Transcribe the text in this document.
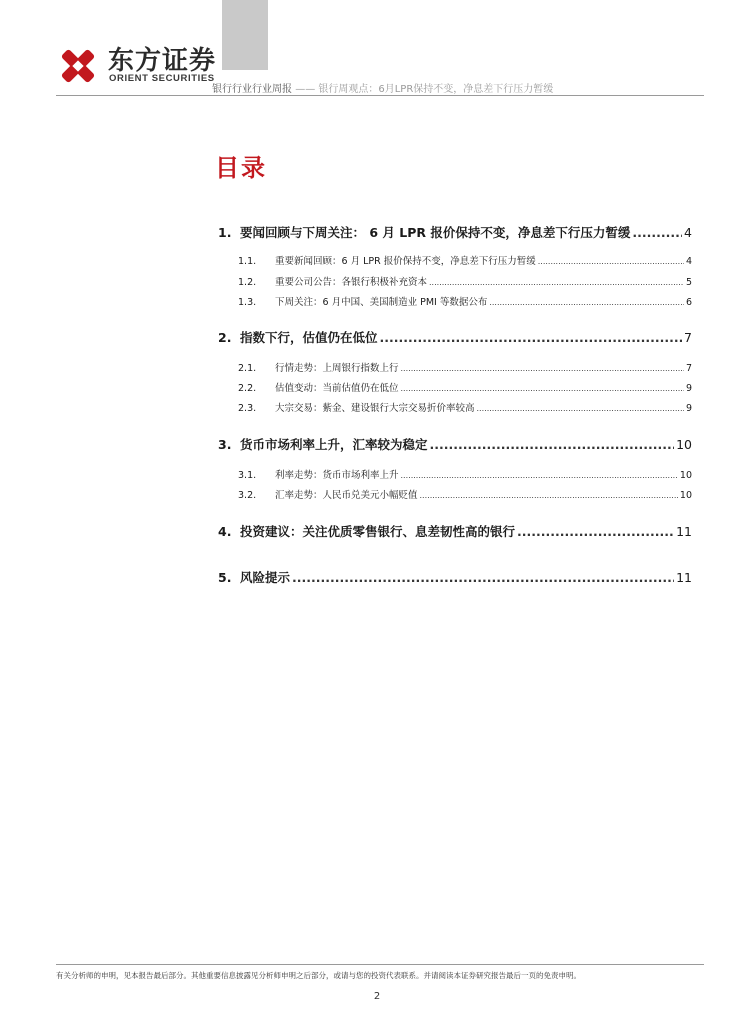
东方证券
ORIENT SECURITIES
银行行业行业周报 —— 银行周观点：6月LPR保持不变，净息差下行压力暂缓
目录
1. 要闻回顾与下周关注： 6 月 LPR 报价保持不变，净息差下行压力暂缓 .....	4
1.1.	重要新闻回顾：6 月 LPR 报价保持不变，净息差下行压力暂缓 .....	4
1.2.	重要公司公告：各银行积极补充资本 .....	5
1.3.	下周关注：6 月中国、美国制造业 PMI 等数据公布 .....	6
2. 指数下行，估值仍在低位 .....	7
2.1.	行情走势：上周银行指数上行 .....	7
2.2.	估值变动：当前估值仍在低位 .....	9
2.3.	大宗交易：紫金、建设银行大宗交易折价率较高 .....	9
3. 货币市场利率上升，汇率较为稳定 .....	10
3.1.	利率走势：货币市场利率上升 .....	10
3.2.	汇率走势：人民币兑美元小幅贬值 .....	10
4. 投资建议：关注优质零售银行、息差韧性高的银行 .....	11
5. 风险提示 .....	11
有关分析师的申明，见本报告最后部分。其他重要信息披露见分析师申明之后部分，或请与您的投资代表联系。并请阅读本证券研究报告最后一页的免责申明。
2
